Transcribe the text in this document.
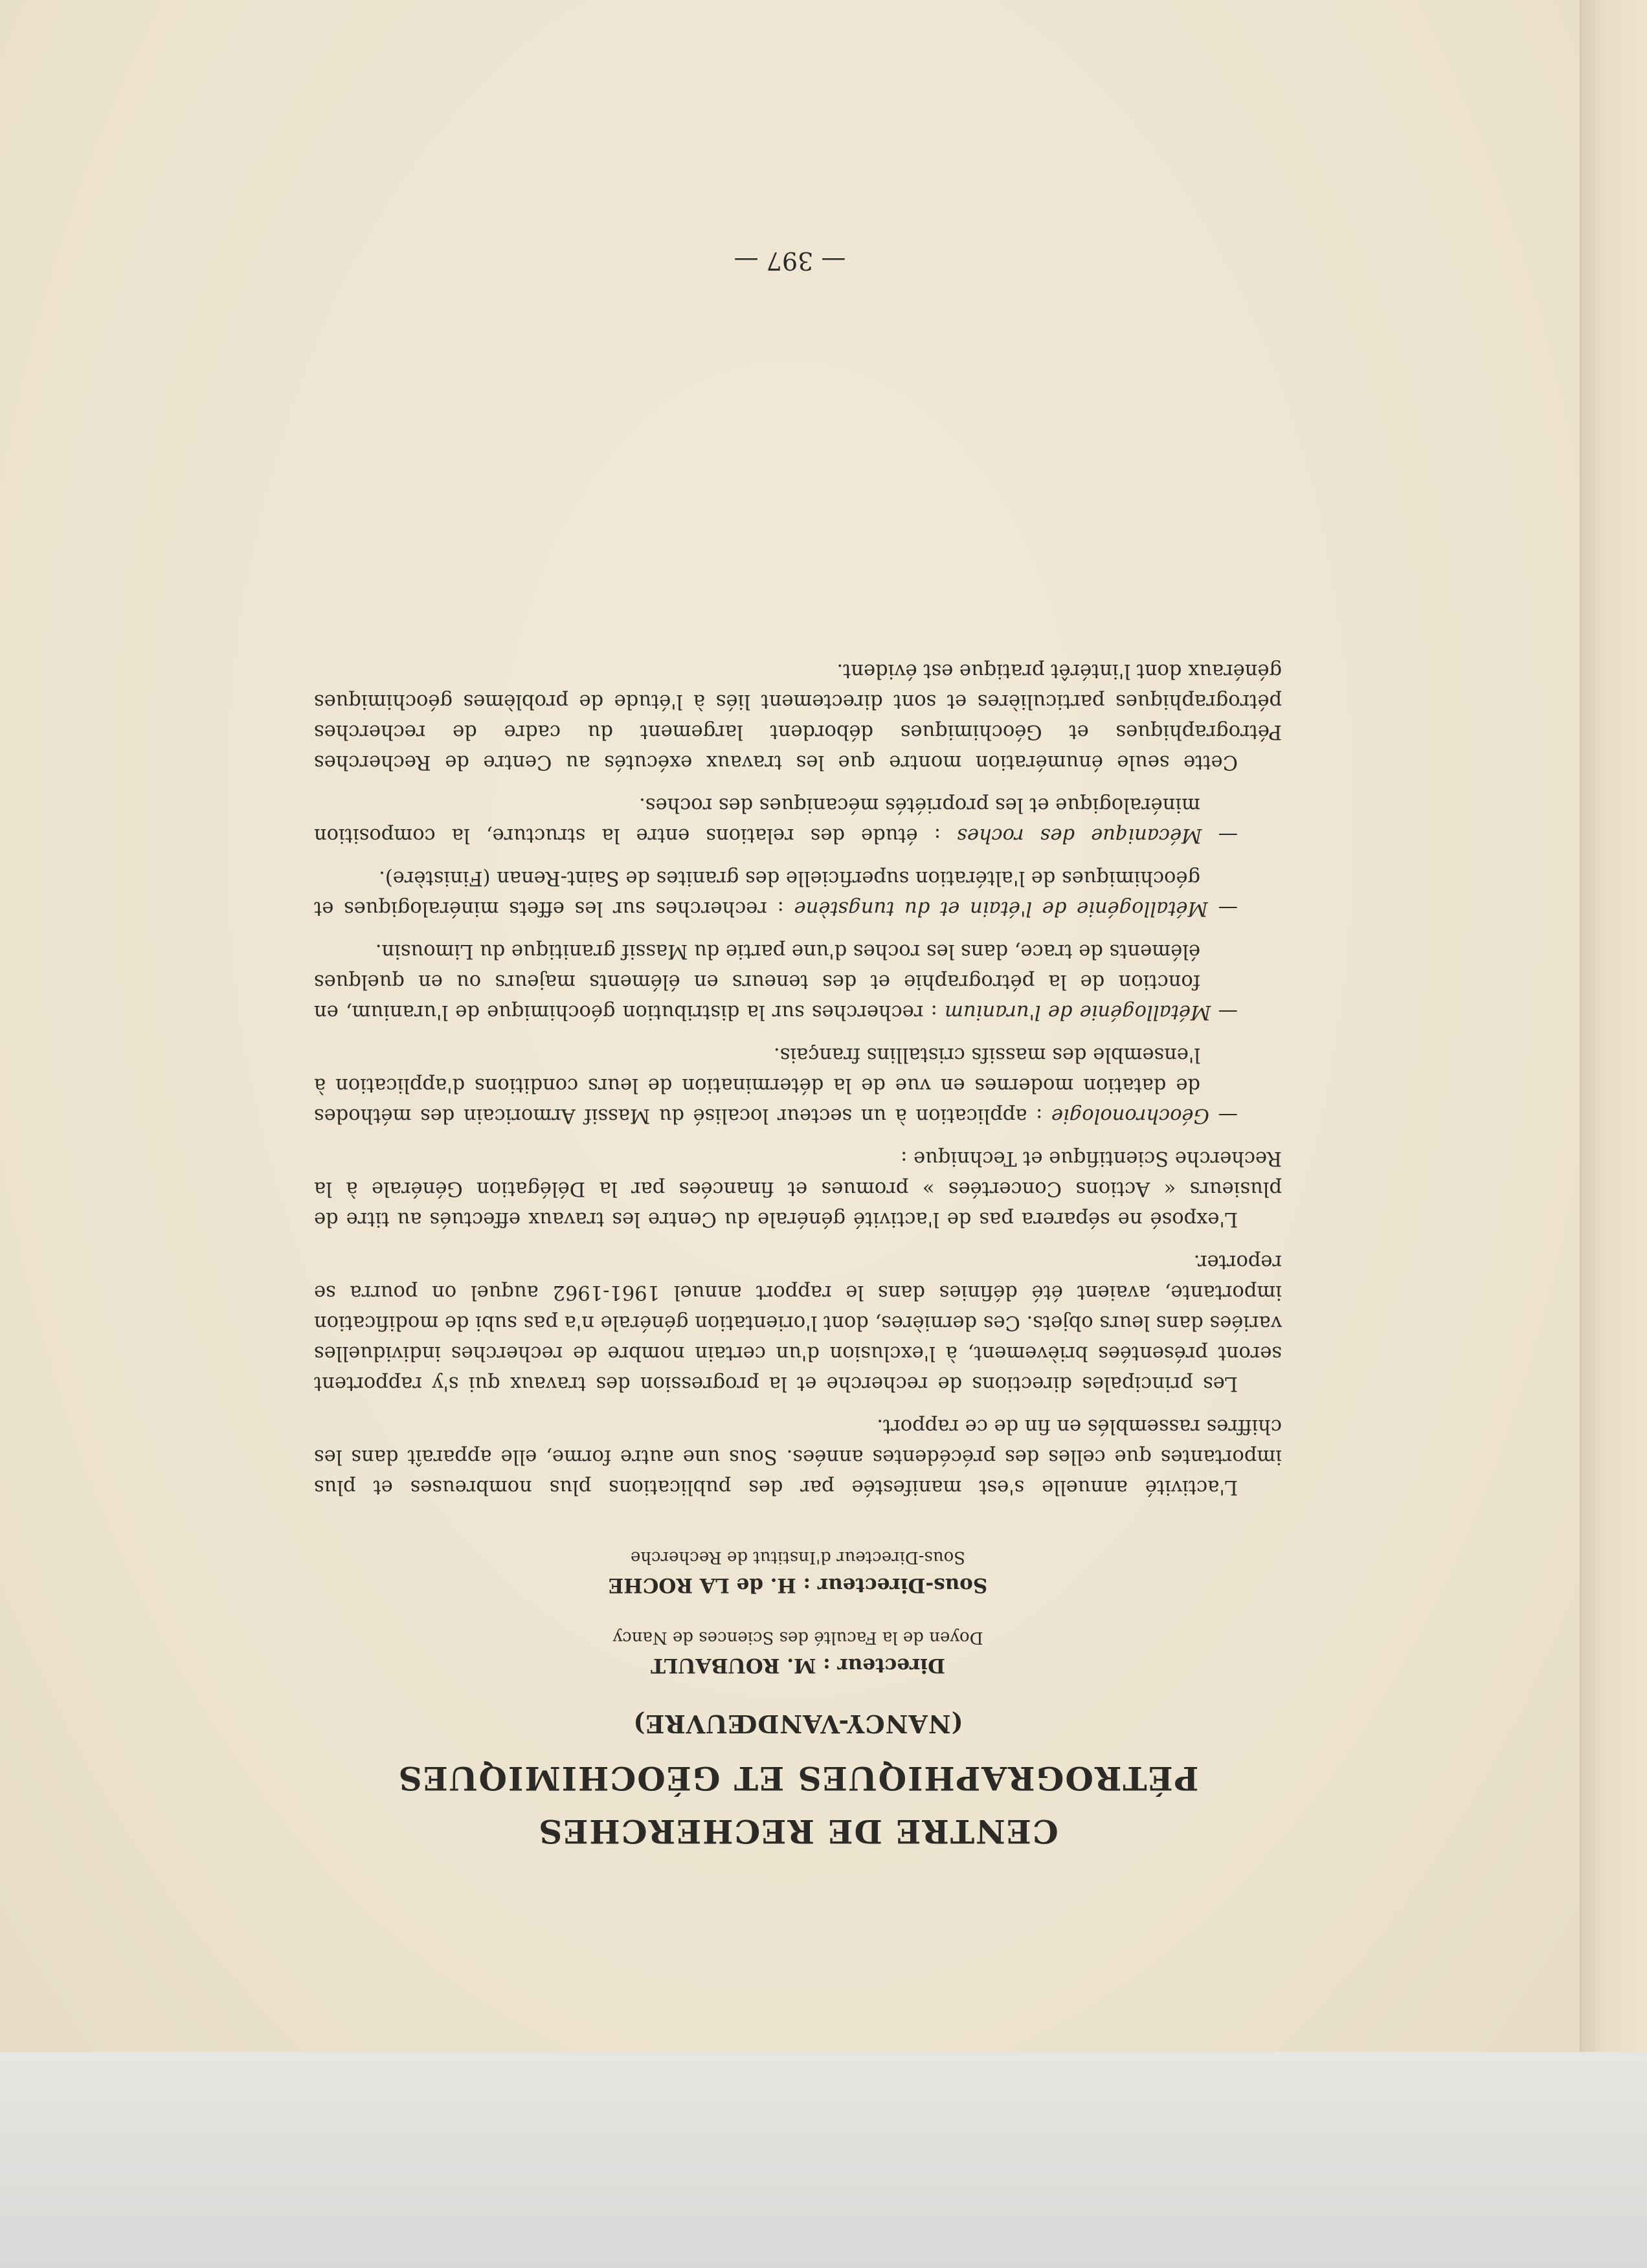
CENTRE DE RECHERCHES
PÉTROGRAPHIQUES ET GÉOCHIMIQUES
(NANCY-VANDŒUVRE)
Directeur : M. ROUBAULT
Doyen de la Faculté des Sciences de Nancy
Sous-Directeur : H. de LA ROCHE
Sous-Directeur d'Institut de Recherche

L'activité annuelle s'est manifestée par des publications plus nombreuses et plus importantes que celles des précédentes années. Sous une autre forme, elle apparaît dans les chiffres rassemblés en fin de ce rapport.

Les principales directions de recherche et la progression des travaux qui s'y rapportent seront présentées brièvement, à l'exclusion d'un certain nombre de recherches individuelles variées dans leurs objets. Ces dernières, dont l'orientation générale n'a pas subi de modification importante, avaient été définies dans le rapport annuel 1961-1962 auquel on pourra se reporter.

L'exposé ne séparera pas de l'activité générale du Centre les travaux effectués au titre de plusieurs « Actions Concertées » promues et financées par la Délégation Générale à la Recherche Scientifique et Technique :

— Géochronologie : application à un secteur localisé du Massif Armoricain des méthodes de datation modernes en vue de la détermination de leurs conditions d'application à l'ensemble des massifs cristallins français.
— Métallogénie de l'uranium : recherches sur la distribution géochimique de l'uranium, en fonction de la pétrographie et des teneurs en éléments majeurs ou en quelques éléments de trace, dans les roches d'une partie du Massif granitique du Limousin.
— Métallogénie de l'étain et du tungstène : recherches sur les effets minéralogiques et géochimiques de l'altération superficielle des granites de Saint-Renan (Finistère).
— Mécanique des roches : étude des relations entre la structure, la composition minéralogique et les propriétés mécaniques des roches.

Cette seule énumération montre que les travaux exécutés au Centre de Recherches Pétrographiques et Géochimiques débordent largement du cadre de recherches pétrographiques particulières et sont directement liés à l'étude de problèmes géochimiques généraux dont l'intérêt pratique est évident.

— 397 —
